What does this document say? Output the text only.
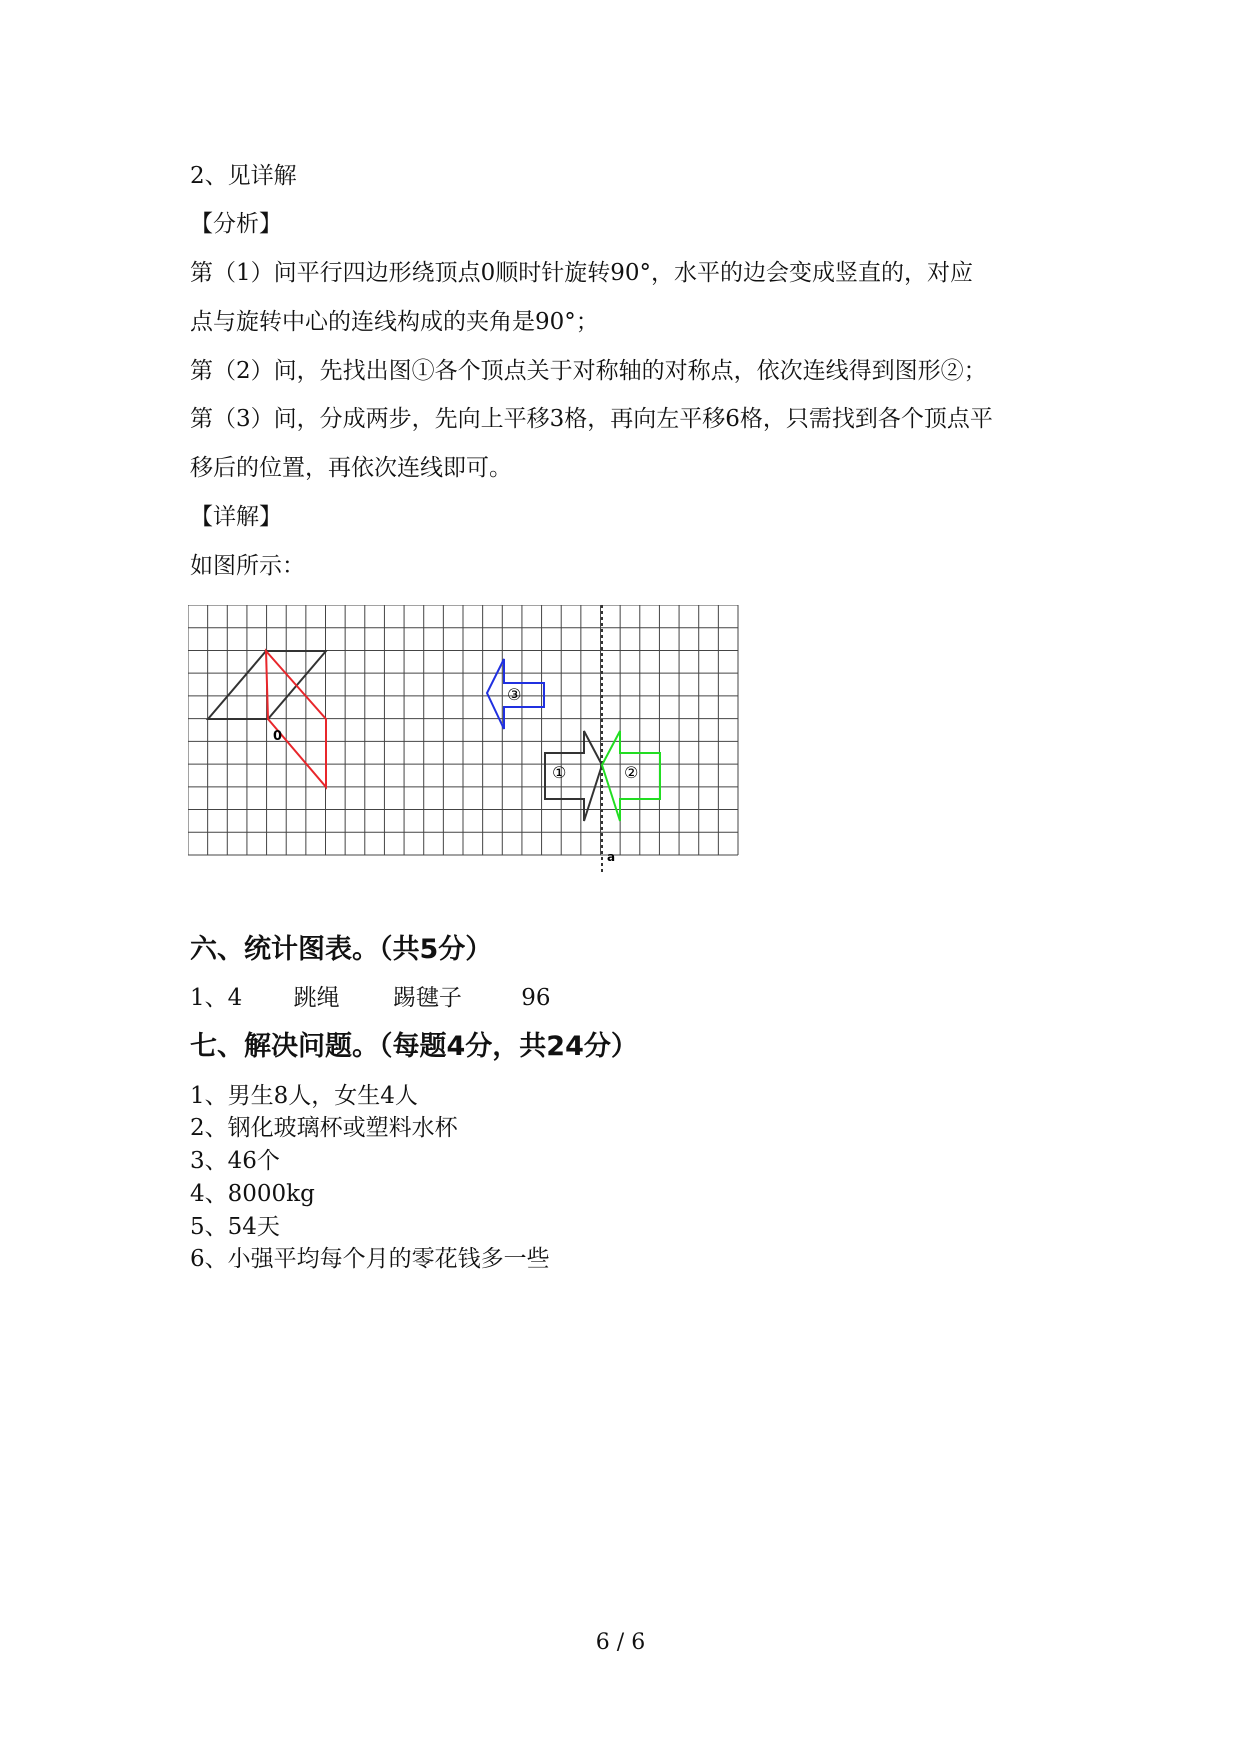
2、见详解
【分析】
第（1）问平行四边形绕顶点0顺时针旋转90°，水平的边会变成竖直的，对应
点与旋转中心的连线构成的夹角是90°；
第（2）问，先找出图①各个顶点关于对称轴的对称点，依次连线得到图形②；
第（3）问，分成两步，先向上平移3格，再向左平移6格，只需找到各个顶点平
移后的位置，再依次连线即可。
【详解】
如图所示：
0
①	②
③
a
六、统计图表。（共5分）
1、4 跳绳 踢毽子	96
七、解决问题。（每题4分，共24分）
1、男生8人，女生4人
2、钢化玻璃杯或塑料水杯
3、46个
4、8000kg
5、54天
6、小强平均每个月的零花钱多一些
6 / 6
